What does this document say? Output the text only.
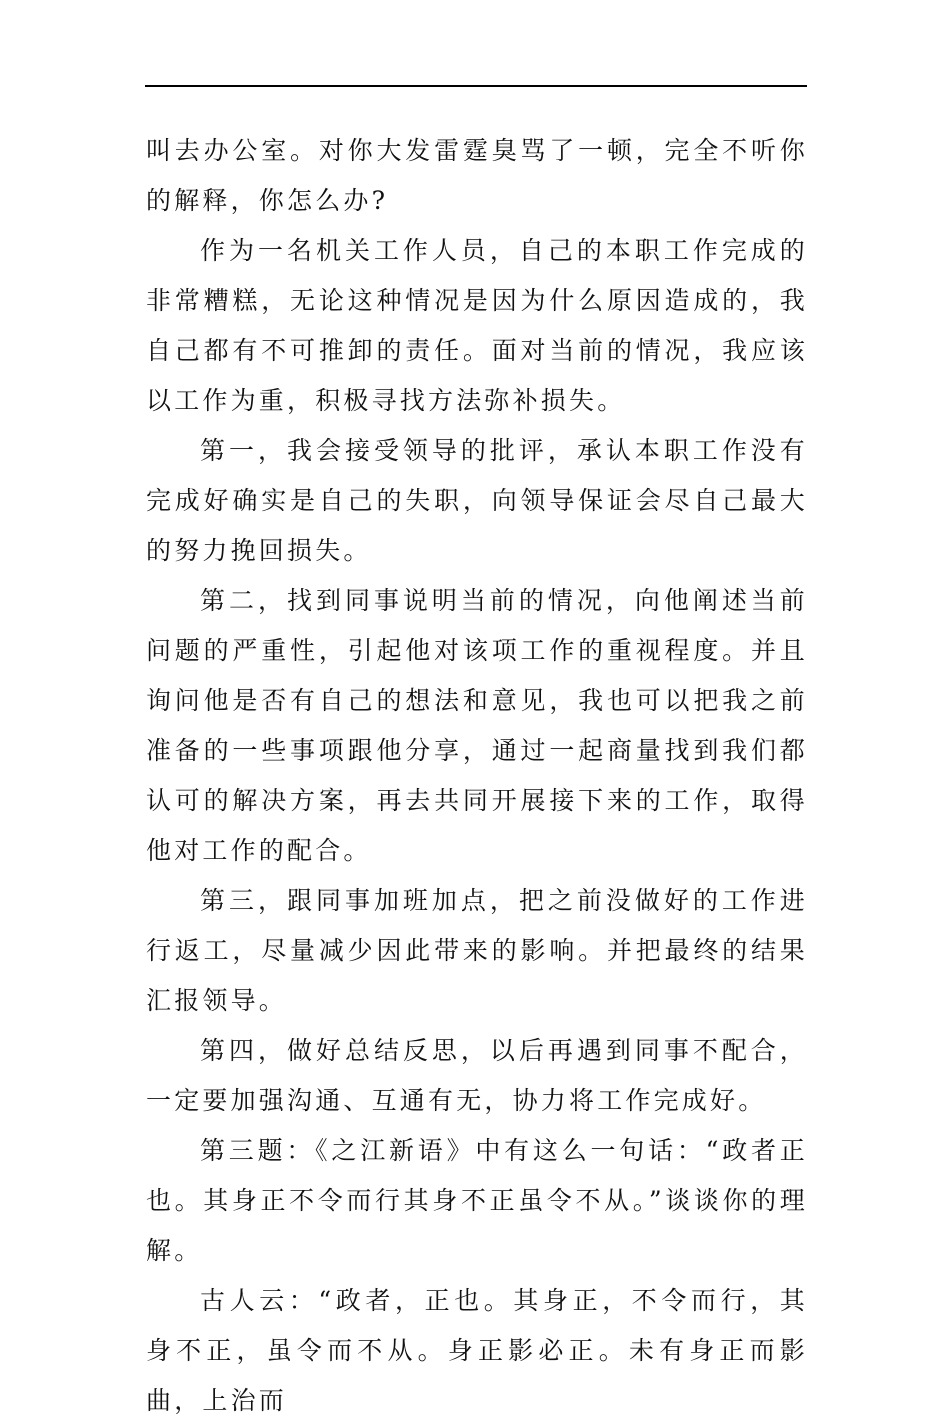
叫去办公室。对你大发雷霆臭骂了一顿，完全不听你的解释，你怎么办?

作为一名机关工作人员，自己的本职工作完成的非常糟糕，无论这种情况是因为什么原因造成的，我自己都有不可推卸的责任。面对当前的情况，我应该以工作为重，积极寻找方法弥补损失。

第一，我会接受领导的批评，承认本职工作没有完成好确实是自己的失职，向领导保证会尽自己最大的努力挽回损失。

第二，找到同事说明当前的情况，向他阐述当前问题的严重性，引起他对该项工作的重视程度。并且询问他是否有自己的想法和意见，我也可以把我之前准备的一些事项跟他分享，通过一起商量找到我们都认可的解决方案，再去共同开展接下来的工作，取得他对工作的配合。

第三，跟同事加班加点，把之前没做好的工作进行返工，尽量减少因此带来的影响。并把最终的结果汇报领导。

第四，做好总结反思，以后再遇到同事不配合，一定要加强沟通、互通有无，协力将工作完成好。

第三题：《之江新语》中有这么一句话：“政者正也。其身正不令而行其身不正虽令不从。”谈谈你的理解。

古人云：“政者，正也。其身正，不令而行，其身不正，虽令而不从。身正影必正。未有身正而影曲，上治而
